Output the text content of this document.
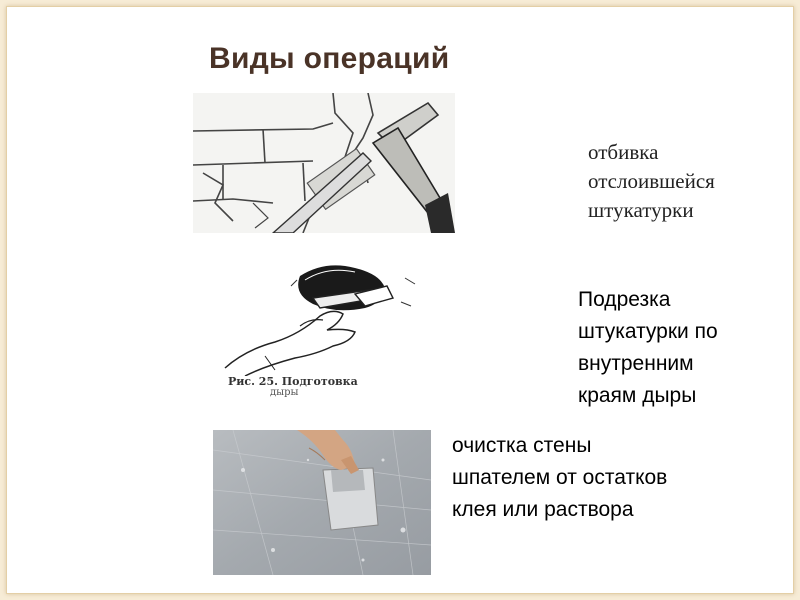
Виды операций
отбивка
отслоившейся
штукатурки
Рис. 25. Подготовка
дыры
Подрезка
штукатурки по
внутренним
краям дыры
очистка стены
шпателем от остатков
клея или раствора
